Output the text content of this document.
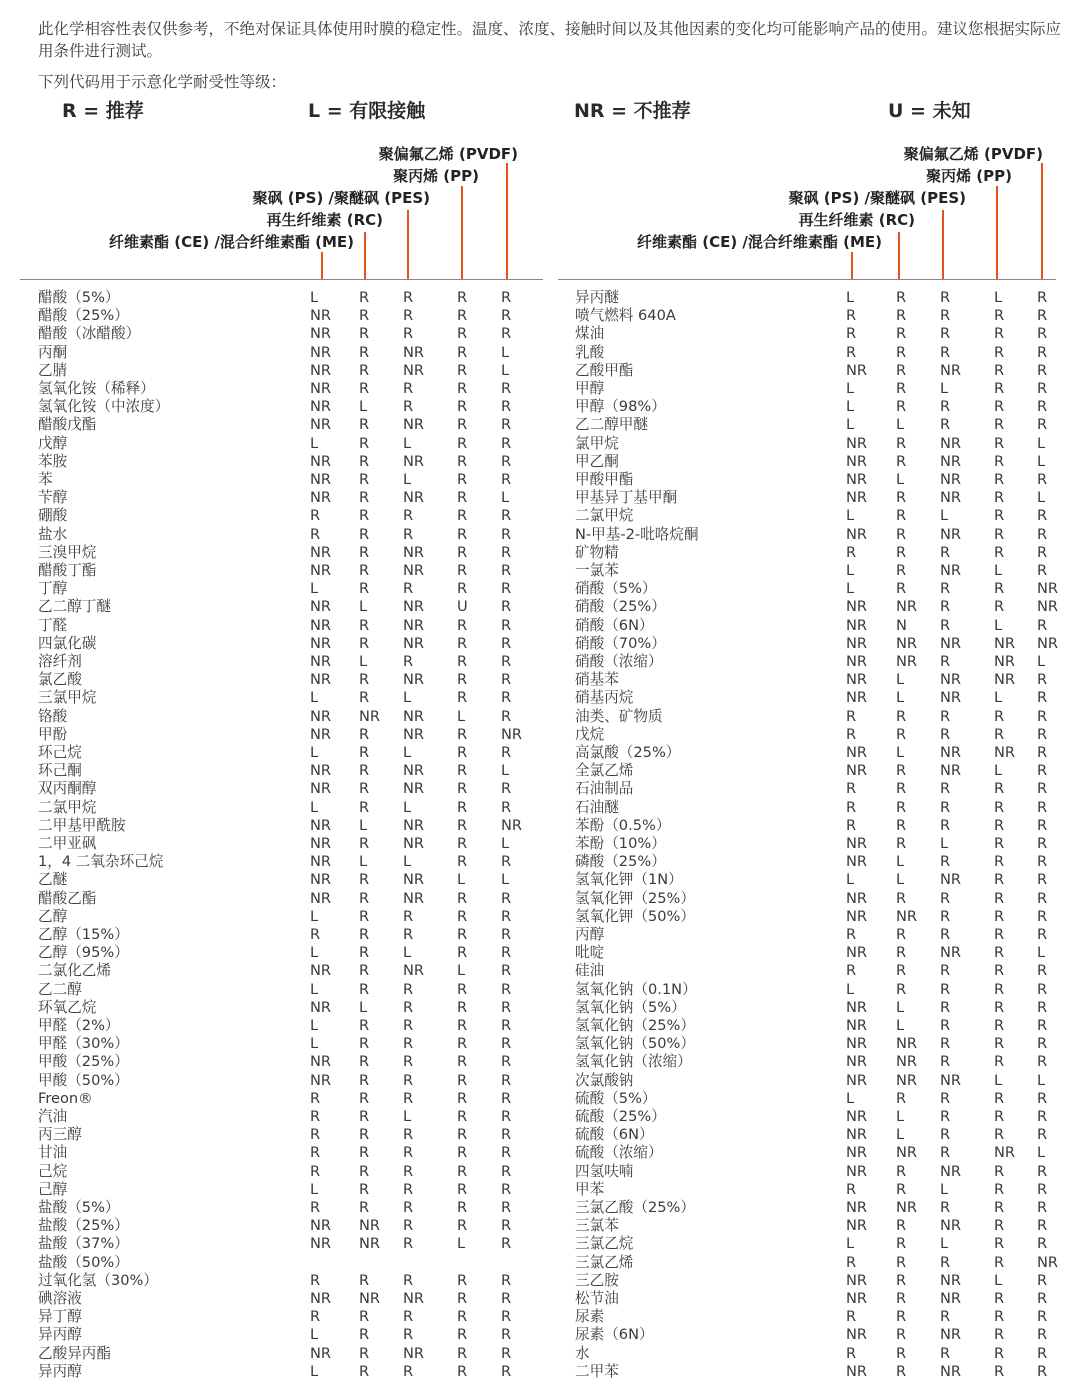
此化学相容性表仅供参考，不绝对保证具体使用时膜的稳定性。温度、浓度、接触时间以及其他因素的变化均可能影响产品的使用。建议您根据实际应用条件进行测试。
下列代码用于示意化学耐受性等级：
R = 推荐	L = 有限接触	NR = 不推荐	U = 未知
聚偏氟乙烯 (PVDF)
聚丙烯 (PP)
聚砜 (PS) /聚醚砜 (PES)
再生纤维素 (RC)
纤维素酯 (CE) /混合纤维素酯 (ME)
聚偏氟乙烯 (PVDF)
聚丙烯 (PP)
聚砜 (PS) /聚醚砜 (PES)
再生纤维素 (RC)
纤维素酯 (CE) /混合纤维素酯 (ME)
醋酸（5%）	L	R	R	R	R
醋酸（25%）	NR	R	R	R	R
醋酸（冰醋酸）	NR	R	R	R	R
丙酮	NR	R	NR	R	L
乙腈	NR	R	NR	R	L
氢氧化铵（稀释）	NR	R	R	R	R
氢氧化铵（中浓度）	NR	L	R	R	R
醋酸戊酯	NR	R	NR	R	R
戊醇	L	R	L	R	R
苯胺	NR	R	NR	R	R
苯	NR	R	L	R	R
苄醇	NR	R	NR	R	L
硼酸	R	R	R	R	R
盐水	R	R	R	R	R
三溴甲烷	NR	R	NR	R	R
醋酸丁酯	NR	R	NR	R	R
丁醇	L	R	R	R	R
乙二醇丁醚	NR	L	NR	U	R
丁醛	NR	R	NR	R	R
四氯化碳	NR	R	NR	R	R
溶纤剂	NR	L	R	R	R
氯乙酸	NR	R	NR	R	R
三氯甲烷	L	R	L	R	R
铬酸	NR	NR	NR	L	R
甲酚	NR	R	NR	R	NR
环己烷	L	R	L	R	R
环己酮	NR	R	NR	R	L
双丙酮醇	NR	R	NR	R	R
二氯甲烷	L	R	L	R	R
二甲基甲酰胺	NR	L	NR	R	NR
二甲亚砜	NR	R	NR	R	L
1，4 二氧杂环己烷	NR	L	L	R	R
乙醚	NR	R	NR	L	L
醋酸乙酯	NR	R	NR	R	R
乙醇	L	R	R	R	R
乙醇（15%）	R	R	R	R	R
乙醇（95%）	L	R	L	R	R
二氯化乙烯	NR	R	NR	L	R
乙二醇	L	R	R	R	R
环氧乙烷	NR	L	R	R	R
甲醛（2%）	L	R	R	R	R
甲醛（30%）	L	R	R	R	R
甲酸（25%）	NR	R	R	R	R
甲酸（50%）	NR	R	R	R	R
Freon®	R	R	R	R	R
汽油	R	R	L	R	R
丙三醇	R	R	R	R	R
甘油	R	R	R	R	R
己烷	R	R	R	R	R
己醇	L	R	R	R	R
盐酸（5%）	R	R	R	R	R
盐酸（25%）	NR	NR	R	R	R
盐酸（37%）	NR	NR	R	L	R
盐酸（50%）
过氧化氢（30%）	R	R	R	R	R
碘溶液	NR	NR	NR	R	R
异丁醇	R	R	R	R	R
异丙醇	L	R	R	R	R
乙酸异丙酯	NR	R	NR	R	R
异丙醇	L	R	R	R	R
异丙醚	L	R	R	L	R
喷气燃料 640A	R	R	R	R	R
煤油	R	R	R	R	R
乳酸	R	R	R	R	R
乙酸甲酯	NR	R	NR	R	R
甲醇	L	R	L	R	R
甲醇（98%）	L	R	R	R	R
乙二醇甲醚	L	L	R	R	R
氯甲烷	NR	R	NR	R	L
甲乙酮	NR	R	NR	R	L
甲酸甲酯	NR	L	NR	R	R
甲基异丁基甲酮	NR	R	NR	R	L
二氯甲烷	L	R	L	R	R
N-甲基-2-吡咯烷酮	NR	R	NR	R	R
矿物精	R	R	R	R	R
一氯苯	L	R	NR	L	R
硝酸（5%）	L	R	R	R	NR
硝酸（25%）	NR	NR	R	R	NR
硝酸（6N）	NR	N	R	L	R
硝酸（70%）	NR	NR	NR	NR	NR
硝酸（浓缩）	NR	NR	R	NR	L
硝基苯	NR	L	NR	NR	R
硝基丙烷	NR	L	NR	L	R
油类、矿物质	R	R	R	R	R
戊烷	R	R	R	R	R
高氯酸（25%）	NR	L	NR	NR	R
全氯乙烯	NR	R	NR	L	R
石油制品	R	R	R	R	R
石油醚	R	R	R	R	R
苯酚（0.5%）	R	R	R	R	R
苯酚（10%）	NR	R	L	R	R
磷酸（25%）	NR	L	R	R	R
氢氧化钾（1N）	L	L	NR	R	R
氢氧化钾（25%）	NR	R	R	R	R
氢氧化钾（50%）	NR	NR	R	R	R
丙醇	R	R	R	R	R
吡啶	NR	R	NR	R	L
硅油	R	R	R	R	R
氢氧化钠（0.1N）	L	R	R	R	R
氢氧化钠（5%）	NR	L	R	R	R
氢氧化钠（25%）	NR	L	R	R	R
氢氧化钠（50%）	NR	NR	R	R	R
氢氧化钠（浓缩）	NR	NR	R	R	R
次氯酸钠	NR	NR	NR	L	L
硫酸（5%）	L	R	R	R	R
硫酸（25%）	NR	L	R	R	R
硫酸（6N）	NR	L	R	R	R
硫酸（浓缩）	NR	NR	R	NR	L
四氢呋喃	NR	R	NR	R	R
甲苯	R	R	L	R	R
三氯乙酸（25%）	NR	NR	R	R	R
三氯苯	NR	R	NR	R	R
三氯乙烷	L	R	L	R	R
三氯乙烯	R	R	R	R	NR
三乙胺	NR	R	NR	L	R
松节油	NR	R	NR	R	R
尿素	R	R	R	R	R
尿素（6N）	NR	R	NR	R	R
水	R	R	R	R	R
二甲苯	NR	R	NR	R	R
